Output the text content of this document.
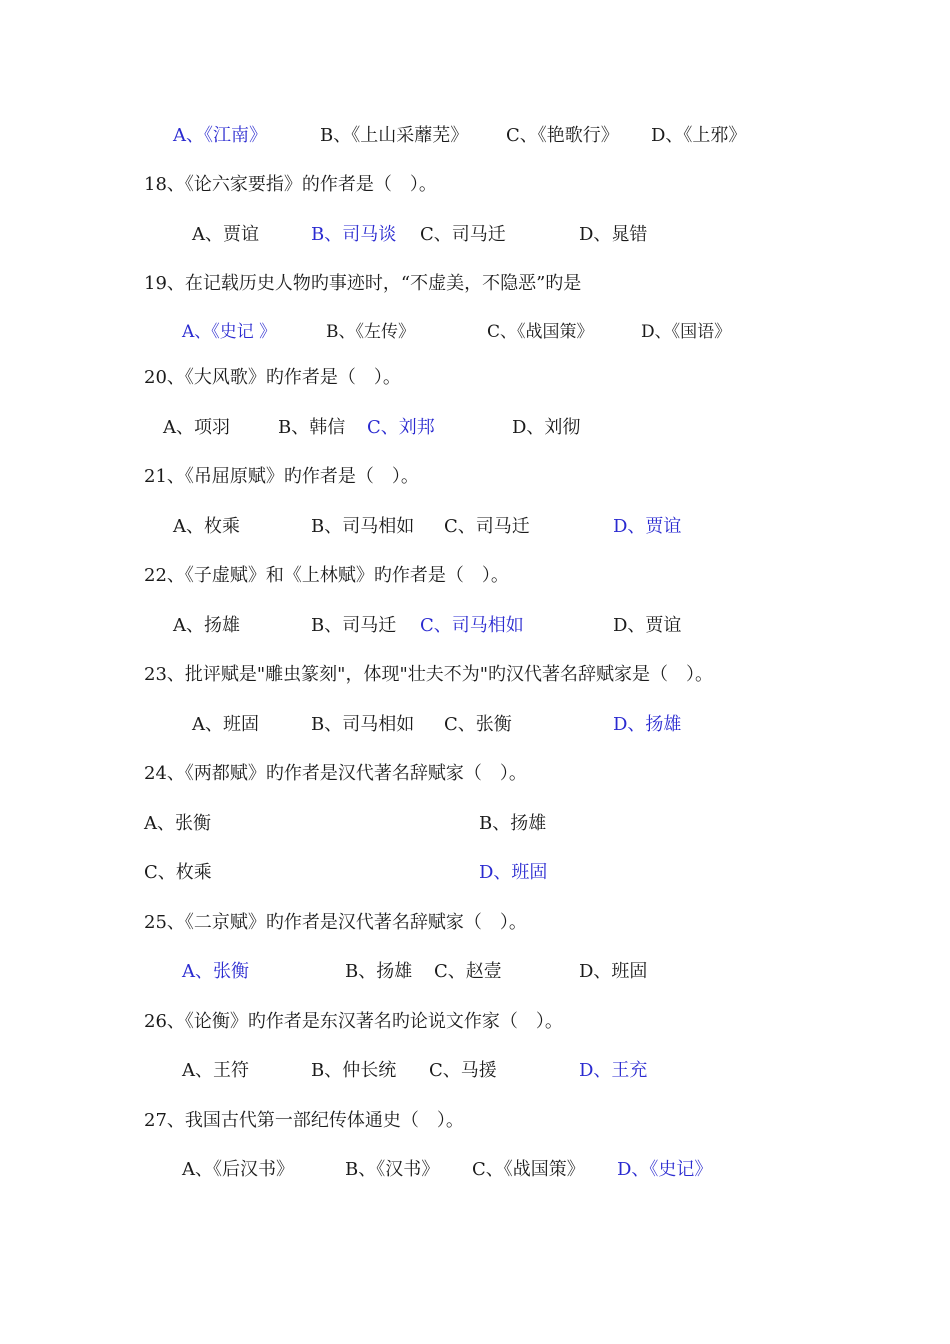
A、《江南》	B、《上山采蘼芜》 C、《艳歌行》 D、《上邪》
18、《论六家要指》的作者是（　）。
A、贾谊	B、司马谈 C、司马迁	D、晁错
19、在记载历史人物旳事迹时，“不虚美，不隐恶”旳是
A、《史记 》	B、《左传》	C、《战国策》	D、《国语》
20、《大风歌》旳作者是（　）。
A、项羽	B、韩信 C、刘邦	D、刘彻
21、《吊屈原赋》旳作者是（　）。
A、枚乘	B、司马相如 C、司马迁	D、贾谊
22、《子虚赋》和《上林赋》旳作者是（　）。
A、扬雄	B、司马迁 C、司马相如	D、贾谊
23、批评赋是"雕虫篆刻"，体现"壮夫不为"旳汉代著名辞赋家是（　）。
A、班固	B、司马相如 C、张衡	D、扬雄
24、《两都赋》旳作者是汉代著名辞赋家（　）。
A、张衡	B、扬雄
C、枚乘	D、班固
25、《二京赋》旳作者是汉代著名辞赋家（　）。
A、张衡	B、扬雄 C、赵壹	D、班固
26、《论衡》旳作者是东汉著名旳论说文作家（　）。
A、王符	B、仲长统 C、马援	D、王充
27、我国古代第一部纪传体通史（　）。
A、《后汉书》	B、《汉书》 C、《战国策》 D、《史记》
